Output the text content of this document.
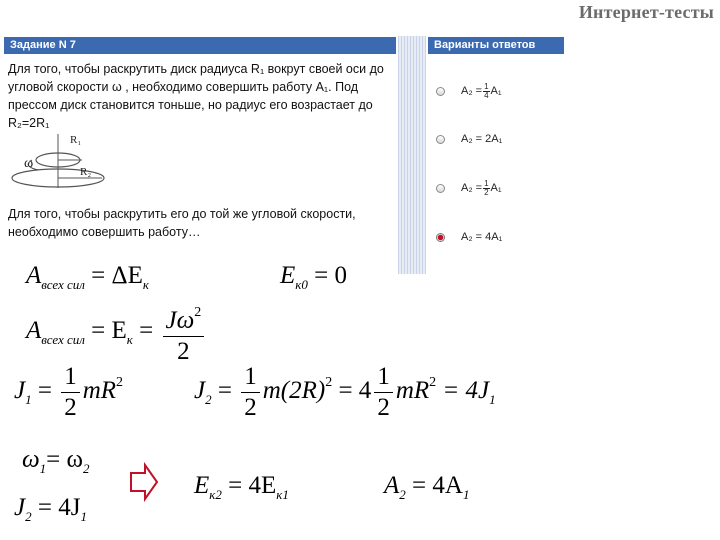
Интернет-тесты
Задание N 7	Варианты ответов
Для того, чтобы раскрутить диск радиуса R₁ вокрут своей оси до угловой скорости ω , необходимо совершить работу A₁. Под прессом диск становится тоньше, но радиус его возрастает до R₂=2R₁
R₁
ω
R₂
Для того, чтобы раскрутить его до той же угловой скорости, необходимо совершить работу…
$A_2 = \frac{1}{4} A_1$
A₂ = 2A₁
$A_2 = \frac{1}{2} A_1$
A₂ = 4A₁
$A_{всех сил} = \Delta E_к$	$E_{к0} = 0$
$A_{всех сил} = E_к = \frac{J\omega^2}{2}$
$J_1 = \frac{1}{2} mR^2$	$J_2 = \frac{1}{2} m(2R)^2 = 4 \frac{1}{2} mR^2 = 4J_1$
$\omega_1= \omega_2$
$J_2 = 4J_1$
$E_{к2} = 4E_{к1}$	$A_2 = 4A_1$
